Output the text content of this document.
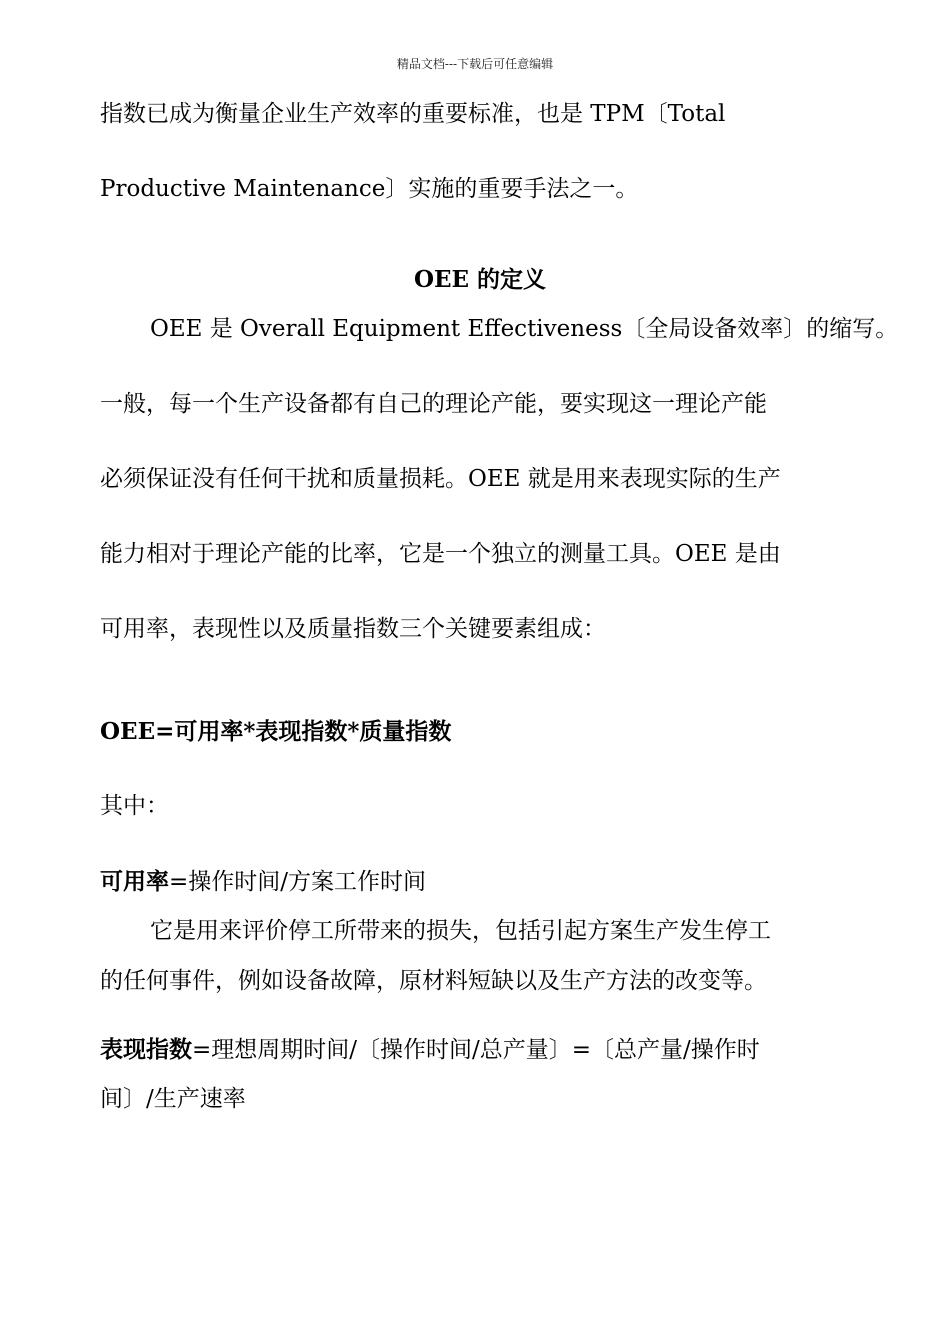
精品文档---下载后可任意编辑
指数已成为衡量企业生产效率的重要标准，也是 TPM〔Total
Productive Maintenance〕实施的重要手法之一。
OEE 的定义
OEE 是 Overall Equipment Effectiveness〔全局设备效率〕的缩写。
一般，每一个生产设备都有自己的理论产能，要实现这一理论产能
必须保证没有任何干扰和质量损耗。OEE 就是用来表现实际的生产
能力相对于理论产能的比率，它是一个独立的测量工具。OEE 是由
可用率，表现性以及质量指数三个关键要素组成：
OEE=可用率*表现指数*质量指数
其中：
可用率=操作时间/方案工作时间
它是用来评价停工所带来的损失，包括引起方案生产发生停工
的任何事件，例如设备故障，原材料短缺以及生产方法的改变等。
表现指数=理想周期时间/〔操作时间/总产量〕=〔总产量/操作时
间〕/生产速率
